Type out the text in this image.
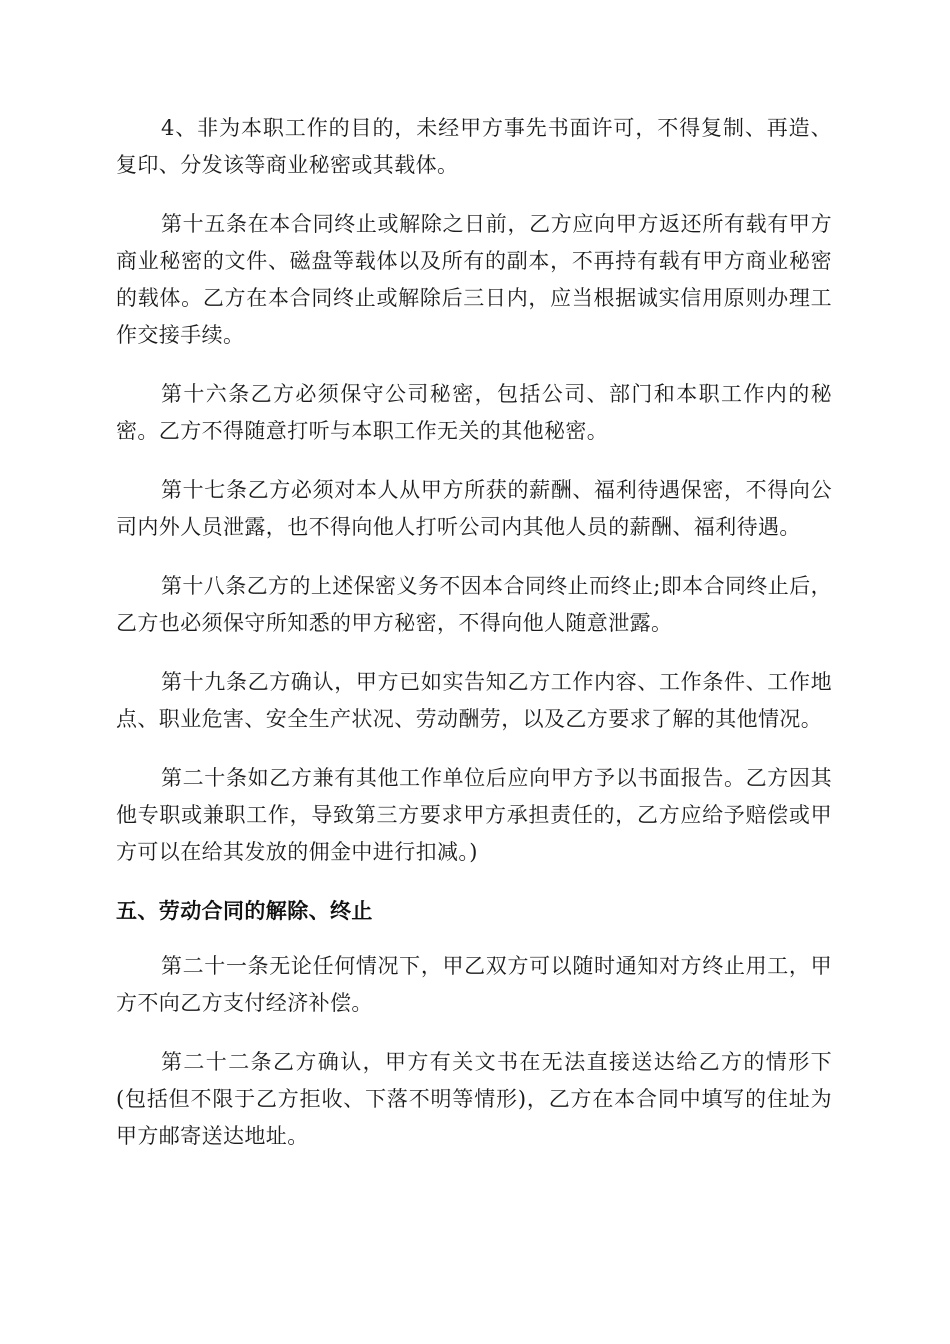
4、非为本职工作的目的，未经甲方事先书面许可，不得复制、再造、复印、分发该等商业秘密或其载体。

第十五条在本合同终止或解除之日前，乙方应向甲方返还所有载有甲方商业秘密的文件、磁盘等载体以及所有的副本，不再持有载有甲方商业秘密的载体。乙方在本合同终止或解除后三日内，应当根据诚实信用原则办理工作交接手续。

第十六条乙方必须保守公司秘密，包括公司、部门和本职工作内的秘密。乙方不得随意打听与本职工作无关的其他秘密。

第十七条乙方必须对本人从甲方所获的薪酬、福利待遇保密，不得向公司内外人员泄露，也不得向他人打听公司内其他人员的薪酬、福利待遇。

第十八条乙方的上述保密义务不因本合同终止而终止;即本合同终止后，乙方也必须保守所知悉的甲方秘密，不得向他人随意泄露。

第十九条乙方确认，甲方已如实告知乙方工作内容、工作条件、工作地点、职业危害、安全生产状况、劳动酬劳，以及乙方要求了解的其他情况。

第二十条如乙方兼有其他工作单位后应向甲方予以书面报告。乙方因其他专职或兼职工作，导致第三方要求甲方承担责任的，乙方应给予赔偿或甲方可以在给其发放的佣金中进行扣减。)

五、劳动合同的解除、终止

第二十一条无论任何情况下，甲乙双方可以随时通知对方终止用工，甲方不向乙方支付经济补偿。

第二十二条乙方确认，甲方有关文书在无法直接送达给乙方的情形下(包括但不限于乙方拒收、下落不明等情形)，乙方在本合同中填写的住址为甲方邮寄送达地址。
